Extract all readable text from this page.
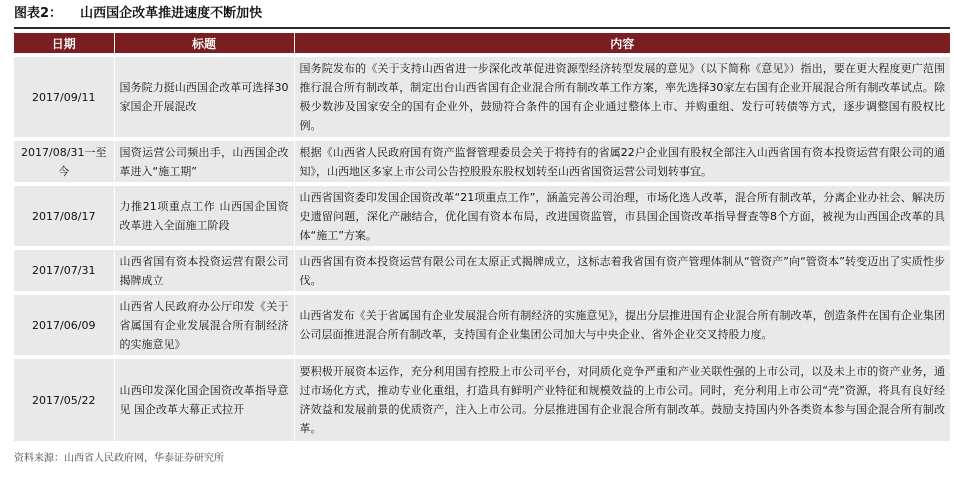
图表2： 山西国企改革推进速度不断加快
日期	标题	内容
2017/09/11	国务院力挺山西国企改革可选择30家国企开展混改	国务院发布的《关于支持山西省进一步深化改革促进资源型经济转型发展的意见》（以下简称《意见》）指出，要在更大程度更广范围推行混合所有制改革，制定出台山西省国有企业混合所有制改革工作方案，率先选择30家左右国有企业开展混合所有制改革试点。除极少数涉及国家安全的国有企业外，鼓励符合条件的国有企业通过整体上市、并购重组、发行可转债等方式，逐步调整国有股权比例。
2017/08/31一至今	国资运营公司频出手，山西国企改革进入“施工期”	根据《山西省人民政府国有资产监督管理委员会关于将持有的省属22户企业国有股权全部注入山西省国有资本投资运营有限公司的通知》，山西地区多家上市公司公告控股股东股权划转至山西省国资运营公司划转事宜。
2017/08/17	力推21项重点工作 山西国企国资改革进入全面施工阶段	山西省国资委印发国企国资改革“21项重点工作”，涵盖完善公司治理，市场化选人改革，混合所有制改革，分离企业办社会、解决历史遗留问题，深化产融结合，优化国有资本布局，改进国资监管，市县国企国资改革指导督查等8个方面，被视为山西国企改革的具体“施工”方案。
2017/07/31	山西省国有资本投资运营有限公司揭牌成立	山西省国有资本投资运营有限公司在太原正式揭牌成立，这标志着我省国有资产管理体制从“管资产”向“管资本”转变迈出了实质性步伐。
2017/06/09	山西省人民政府办公厅印发《关于省属国有企业发展混合所有制经济的实施意见》	山西省发布《关于省属国有企业发展混合所有制经济的实施意见》，提出分层推进国有企业混合所有制改革，创造条件在国有企业集团公司层面推进混合所有制改革，支持国有企业集团公司加大与中央企业、省外企业交叉持股力度。
2017/05/22	山西印发深化国企国资改革指导意见 国企改革大幕正式拉开	要积极开展资本运作，充分利用国有控股上市公司平台，对同质化竞争严重和产业关联性强的上市公司，以及未上市的资产业务，通过市场化方式，推动专业化重组，打造具有鲜明产业特征和规模效益的上市公司。同时，充分利用上市公司“壳”资源，将具有良好经济效益和发展前景的优质资产，注入上市公司。分层推进国有企业混合所有制改革。鼓励支持国内外各类资本参与国企混合所有制改革。
资料来源：山西省人民政府网，华泰证券研究所
